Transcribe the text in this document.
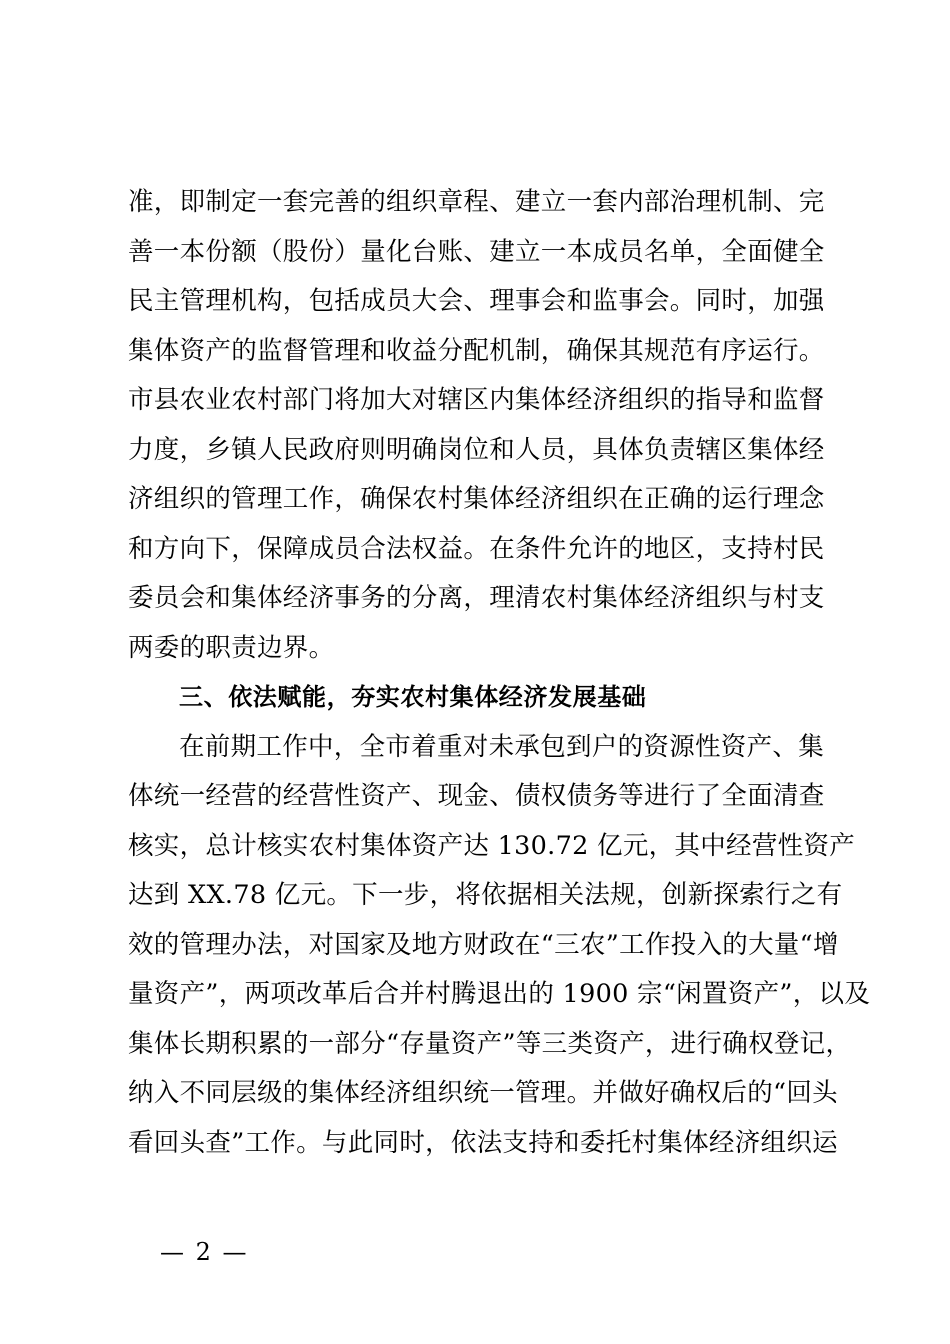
准，即制定一套完善的组织章程、建立一套内部治理机制、完
善一本份额（股份）量化台账、建立一本成员名单，全面健全
民主管理机构，包括成员大会、理事会和监事会。同时，加强
集体资产的监督管理和收益分配机制，确保其规范有序运行。
市县农业农村部门将加大对辖区内集体经济组织的指导和监督
力度，乡镇人民政府则明确岗位和人员，具体负责辖区集体经
济组织的管理工作，确保农村集体经济组织在正确的运行理念
和方向下，保障成员合法权益。在条件允许的地区，支持村民
委员会和集体经济事务的分离，理清农村集体经济组织与村支
两委的职责边界。
三、依法赋能，夯实农村集体经济发展基础
在前期工作中，全市着重对未承包到户的资源性资产、集
体统一经营的经营性资产、现金、债权债务等进行了全面清查
核实，总计核实农村集体资产达 130.72 亿元，其中经营性资产
达到 XX.78 亿元。下一步，将依据相关法规，创新探索行之有
效的管理办法，对国家及地方财政在“三农”工作投入的大量“增
量资产”，两项改革后合并村腾退出的 1900 宗“闲置资产”，以及
集体长期积累的一部分“存量资产”等三类资产，进行确权登记，
纳入不同层级的集体经济组织统一管理。并做好确权后的“回头
看回头查”工作。与此同时，依法支持和委托村集体经济组织运
— 2 —
